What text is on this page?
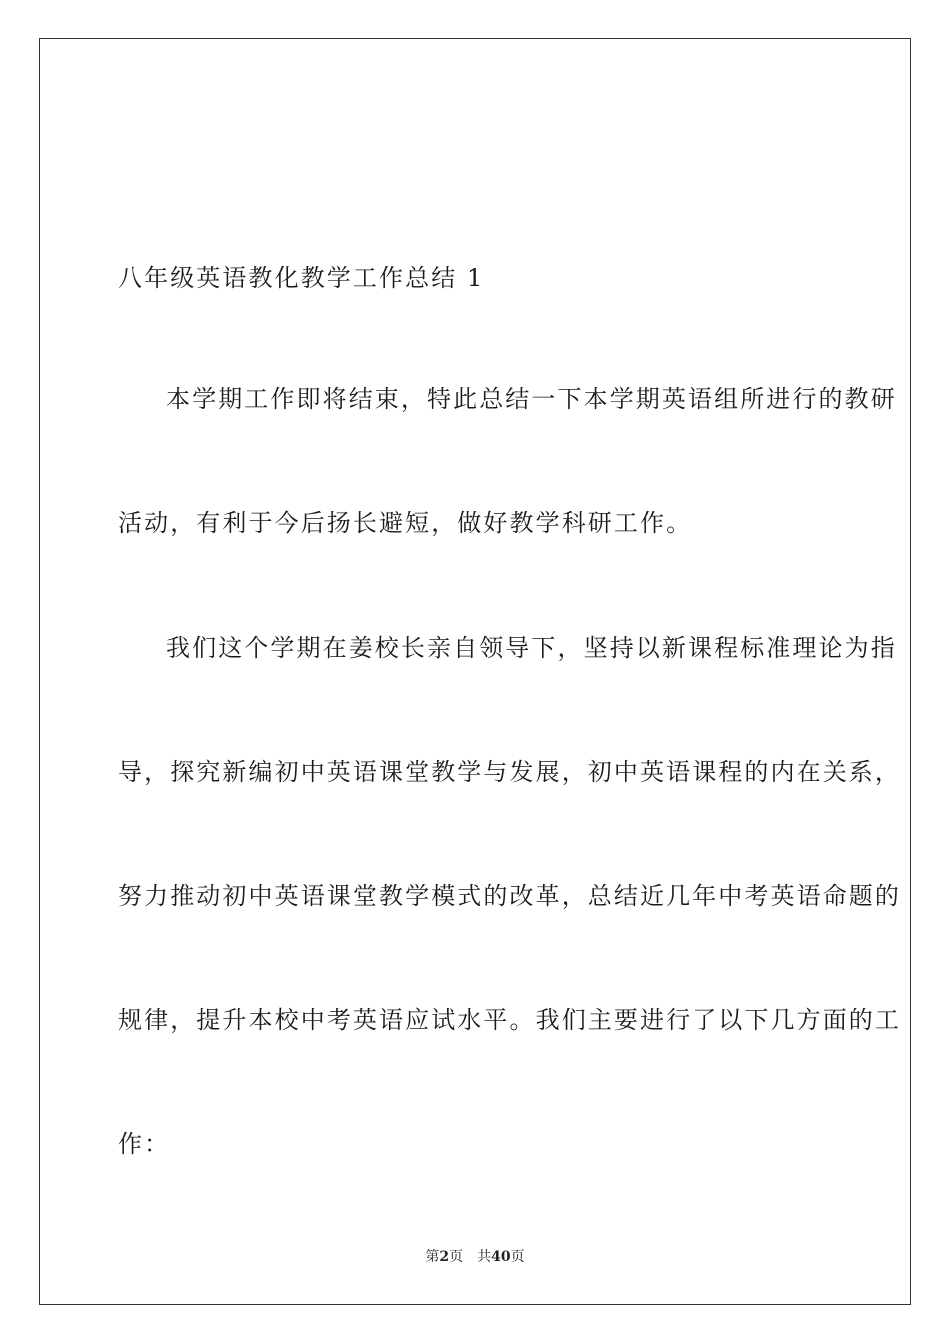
八年级英语教化教学工作总结 1
本学期工作即将结束，特此总结一下本学期英语组所进行的教研
活动，有利于今后扬长避短，做好教学科研工作。
我们这个学期在姜校长亲自领导下，坚持以新课程标准理论为指
导，探究新编初中英语课堂教学与发展，初中英语课程的内在关系，
努力推动初中英语课堂教学模式的改革，总结近几年中考英语命题的
规律，提升本校中考英语应试水平。我们主要进行了以下几方面的工
作：
第2页 共40页
